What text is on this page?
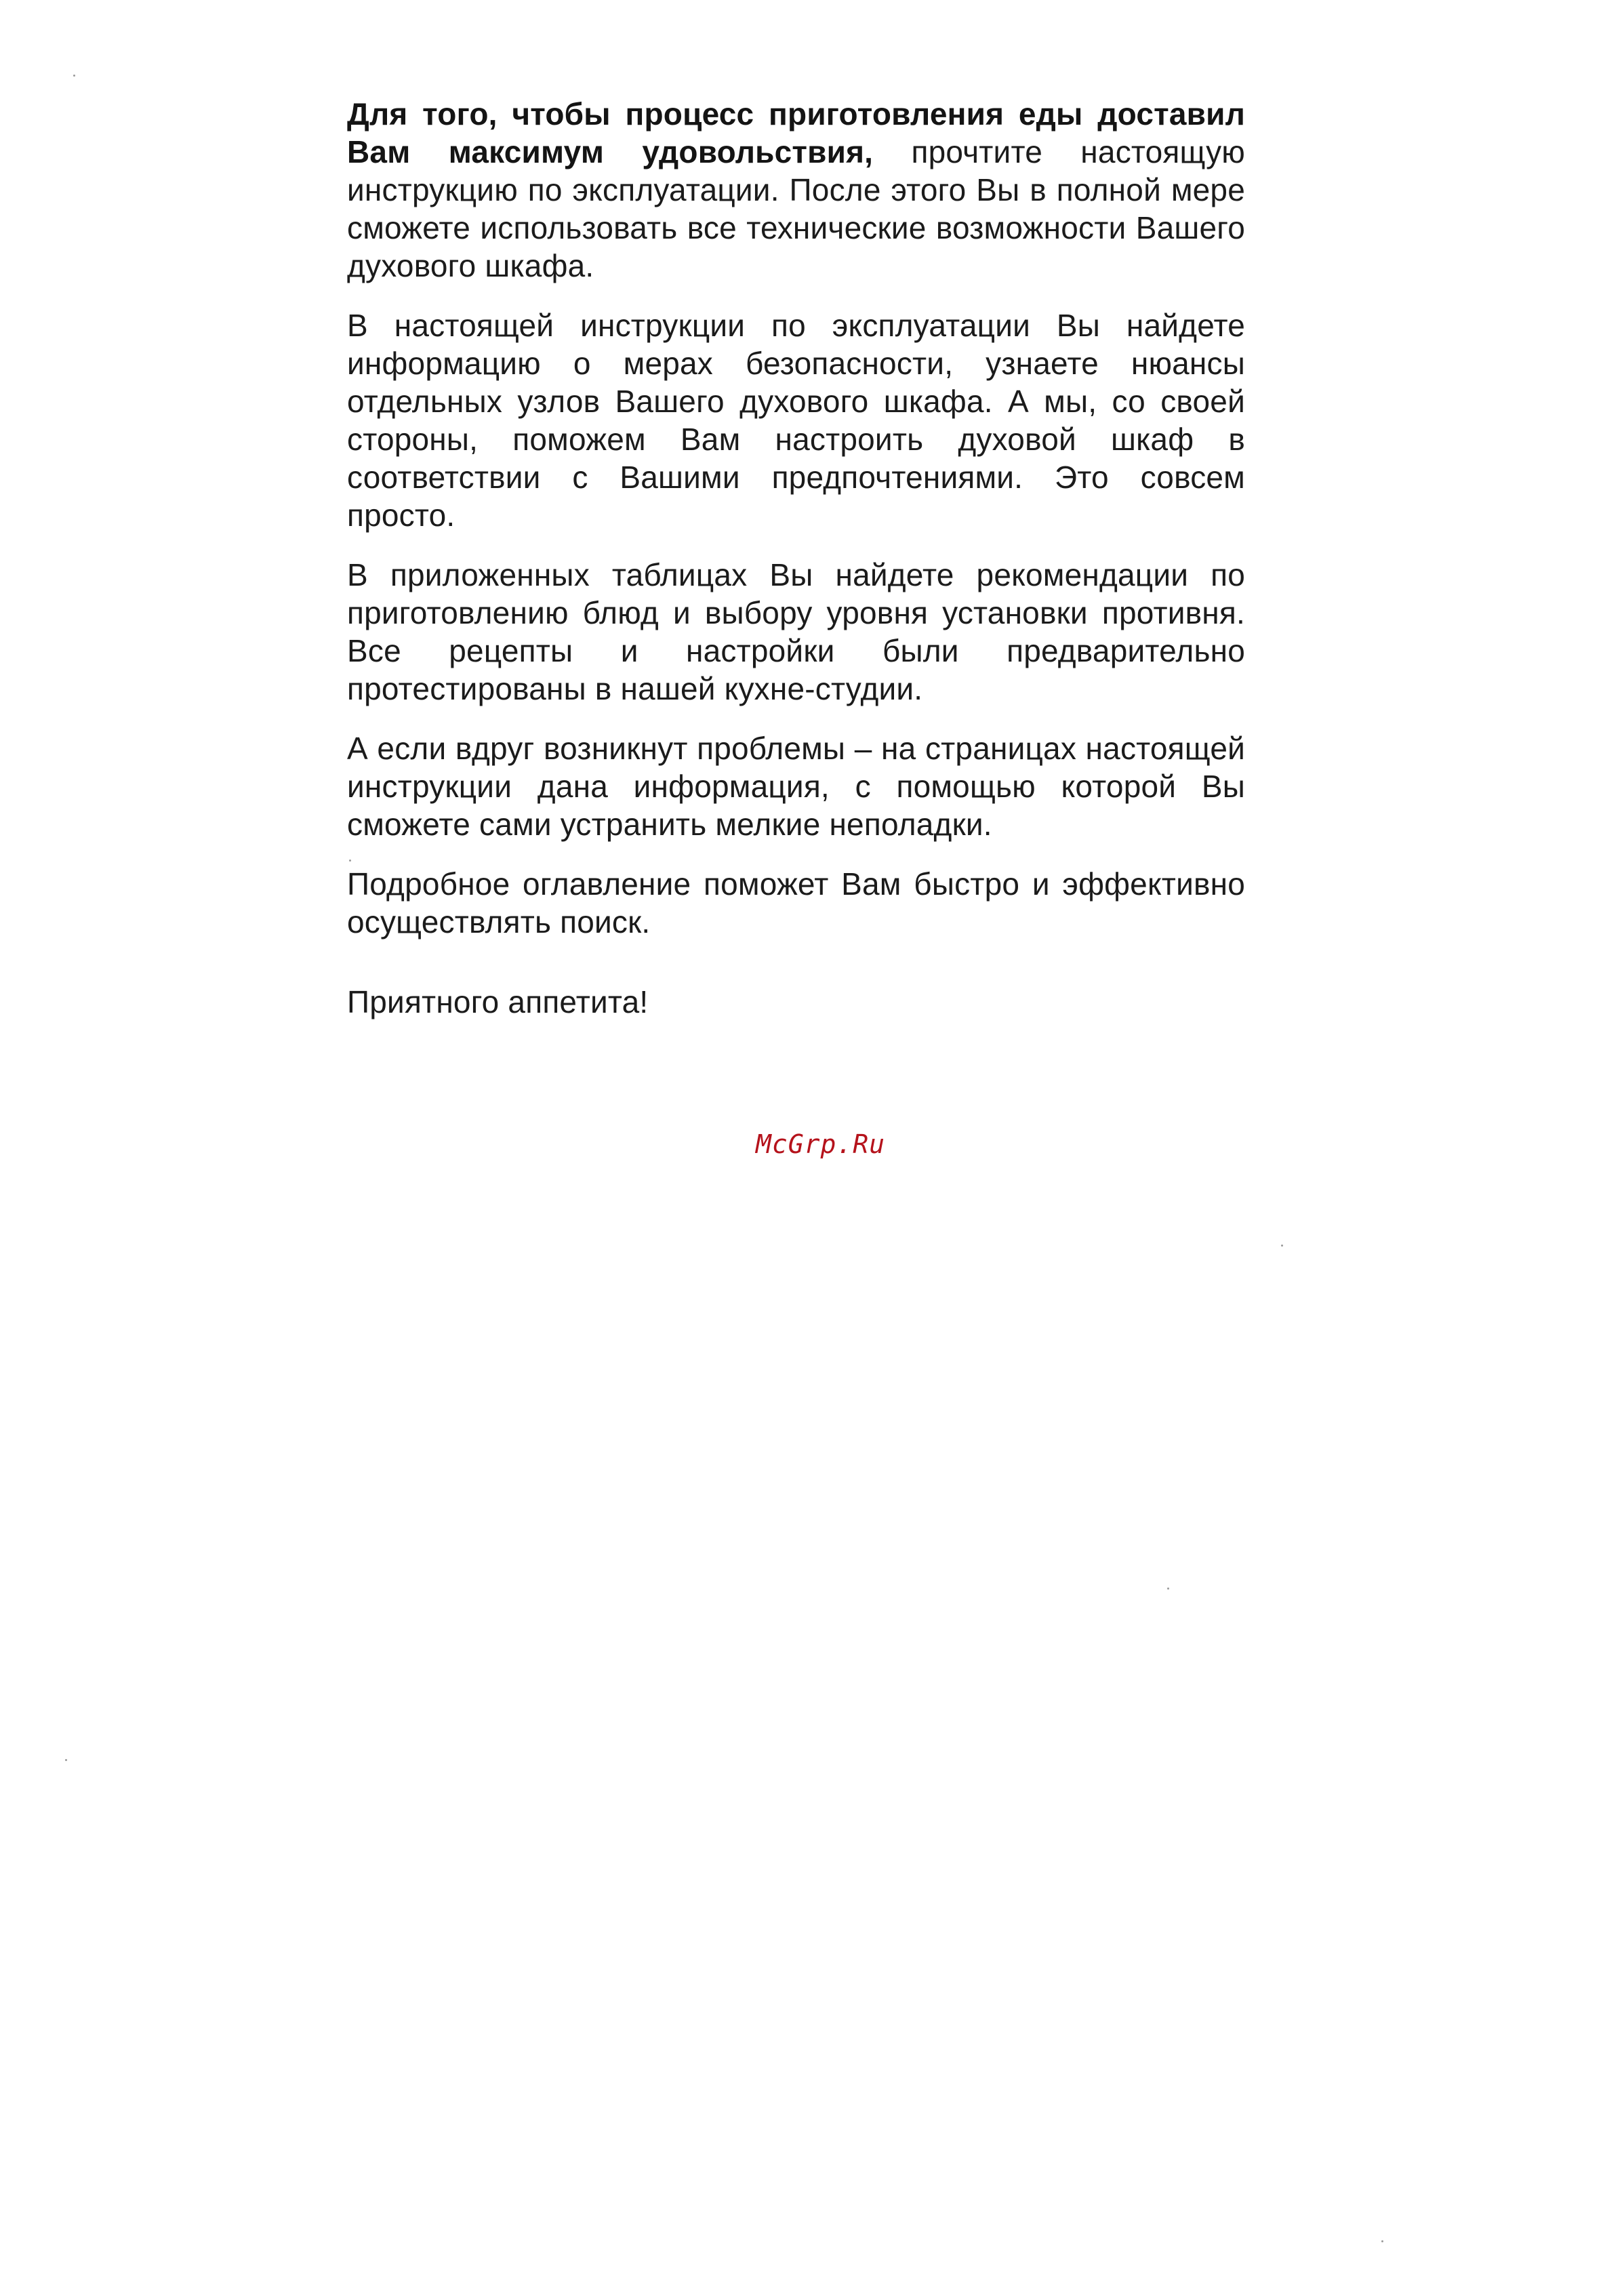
Для того, чтобы процесс приготовления еды доставил Вам максимум удовольствия, прочтите настоящую инструкцию по эксплуатации. После этого Вы в полной мере сможете использовать все технические возможности Вашего духового шкафа.

В настоящей инструкции по эксплуатации Вы найдете информацию о мерах безопасности, узнаете нюансы отдельных узлов Вашего духового шкафа. А мы, со своей стороны, поможем Вам настроить духовой шкаф в соответствии с Вашими предпочтениями. Это совсем просто.

В приложенных таблицах Вы найдете рекомендации по приготовлению блюд и выбору уровня установки противня. Все рецепты и настройки были предварительно протестированы в нашей кухне-студии.

А если вдруг возникнут проблемы – на страницах настоящей инструкции дана информация, с помощью которой Вы сможете сами устранить мелкие неполадки.

Подробное оглавление поможет Вам быстро и эффективно осуществлять поиск.

Приятного аппетита!

McGrp.Ru
